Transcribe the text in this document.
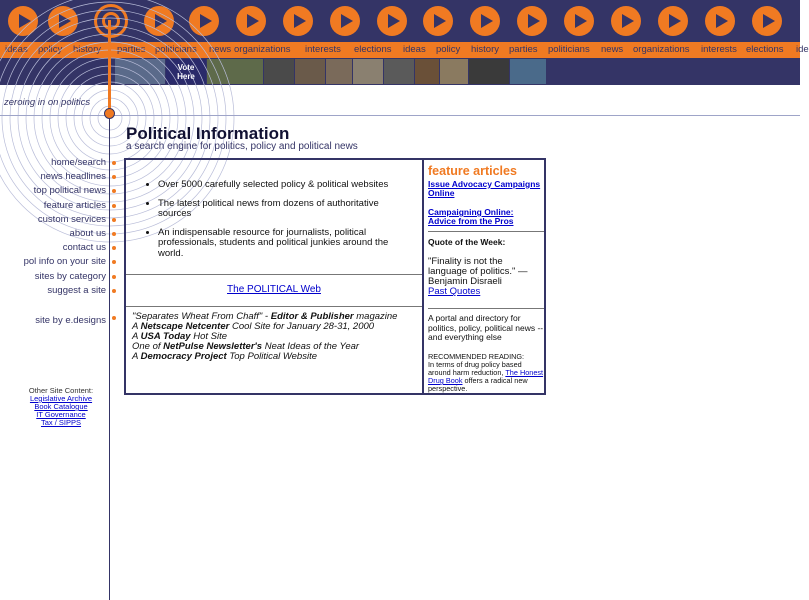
ideas policy history parties politicians news organizations interests elections ideas policy history parties politicians news organizations interests elections ide
Vote Here
zeroing in on politics
Political Information
a search engine for politics, policy and political news
home/search
news headlines
top political news
feature articles
custom services
about us
contact us
pol info on your site
sites by category
suggest a site
site by e.designs
Other Site Content:
Legislative Archive
Book Catalogue
IT Governance
Tax / SIPPS
• Over 5000 carefully selected policy & political websites
• The latest political news from dozens of authoritative sources
• An indispensable resource for journalists, political professionals, students and political junkies around the world.
The POLITICAL Web
"Separates Wheat From Chaff" - Editor & Publisher magazine
A Netscape Netcenter Cool Site for January 28-31, 2000
A USA Today Hot Site
One of NetPulse Newsletter's Neat Ideas of the Year
A Democracy Project Top Political Website
feature articles
Issue Advocacy Campaigns Online
Campaigning Online: Advice from the Pros
Quote of the Week:
"Finality is not the language of politics." — Benjamin Disraeli
Past Quotes
A portal and directory for politics, policy, political news -- and everything else
RECOMMENDED READING:
In terms of drug policy based around harm reduction, The Honest Drug Book offers a radical new perspective.
